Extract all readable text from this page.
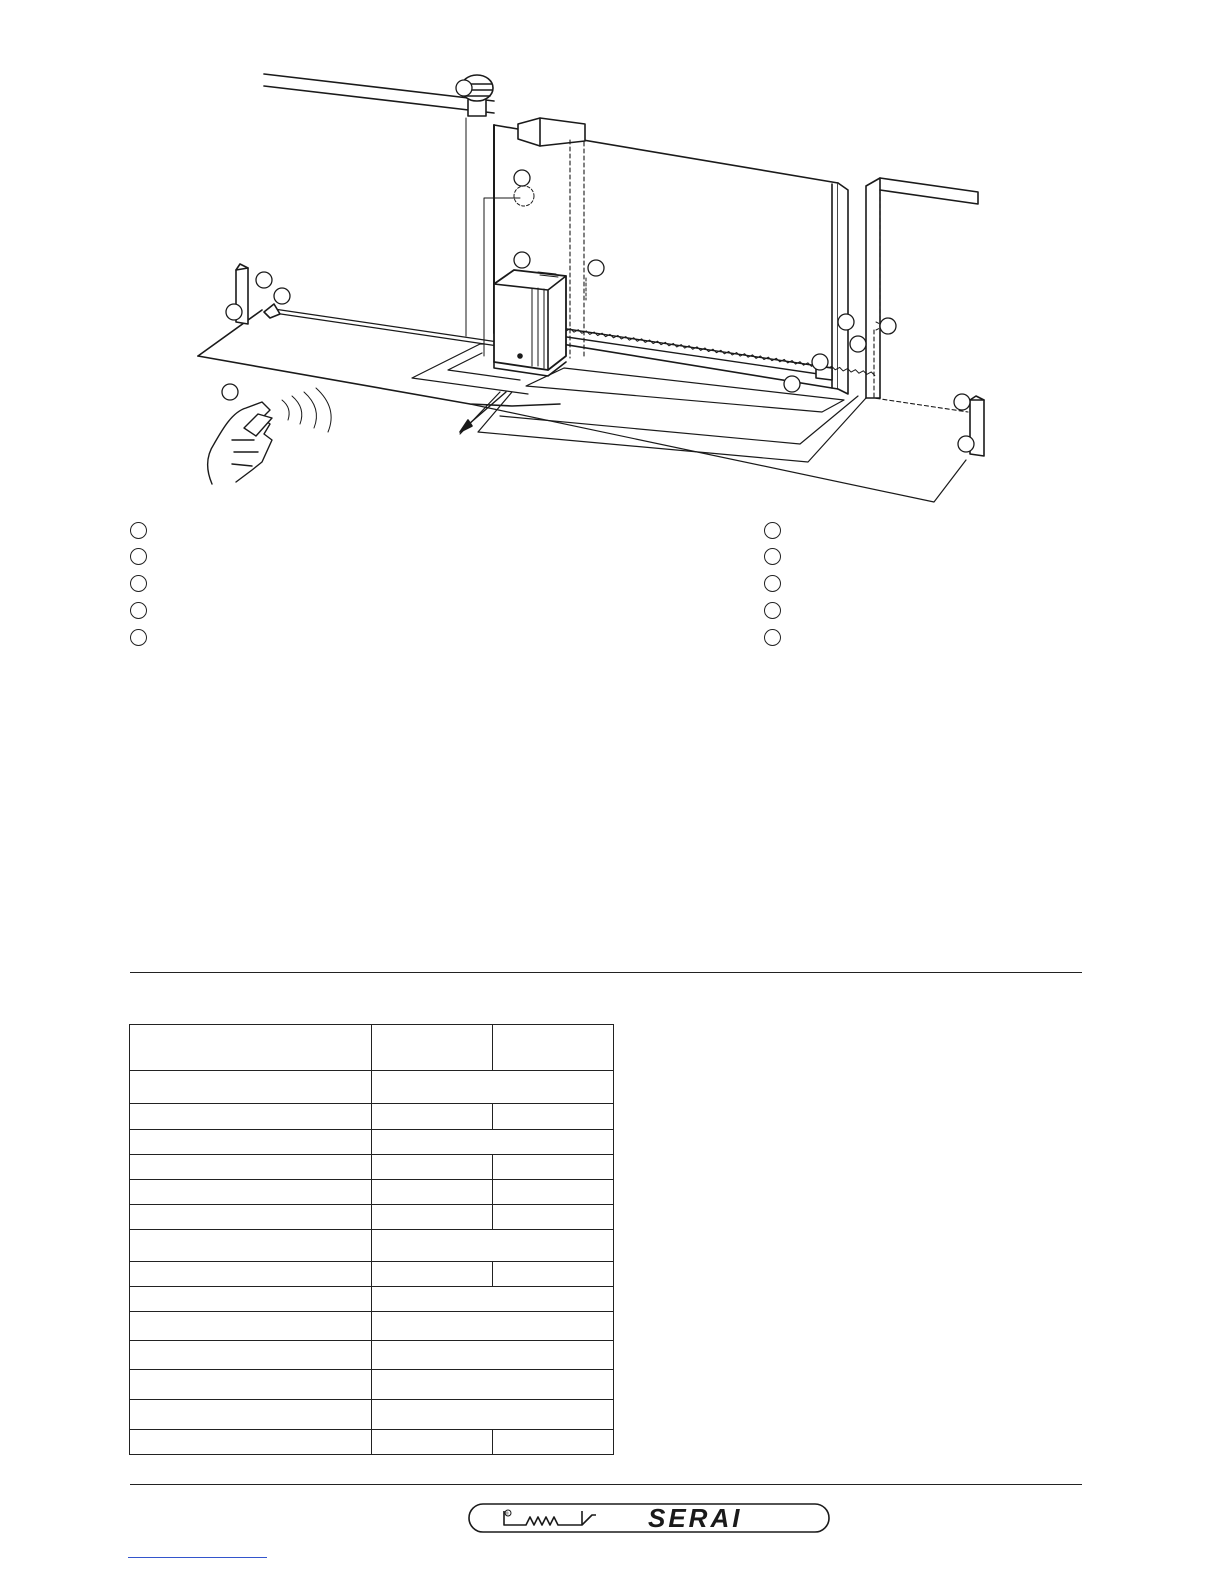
®	SERAI
